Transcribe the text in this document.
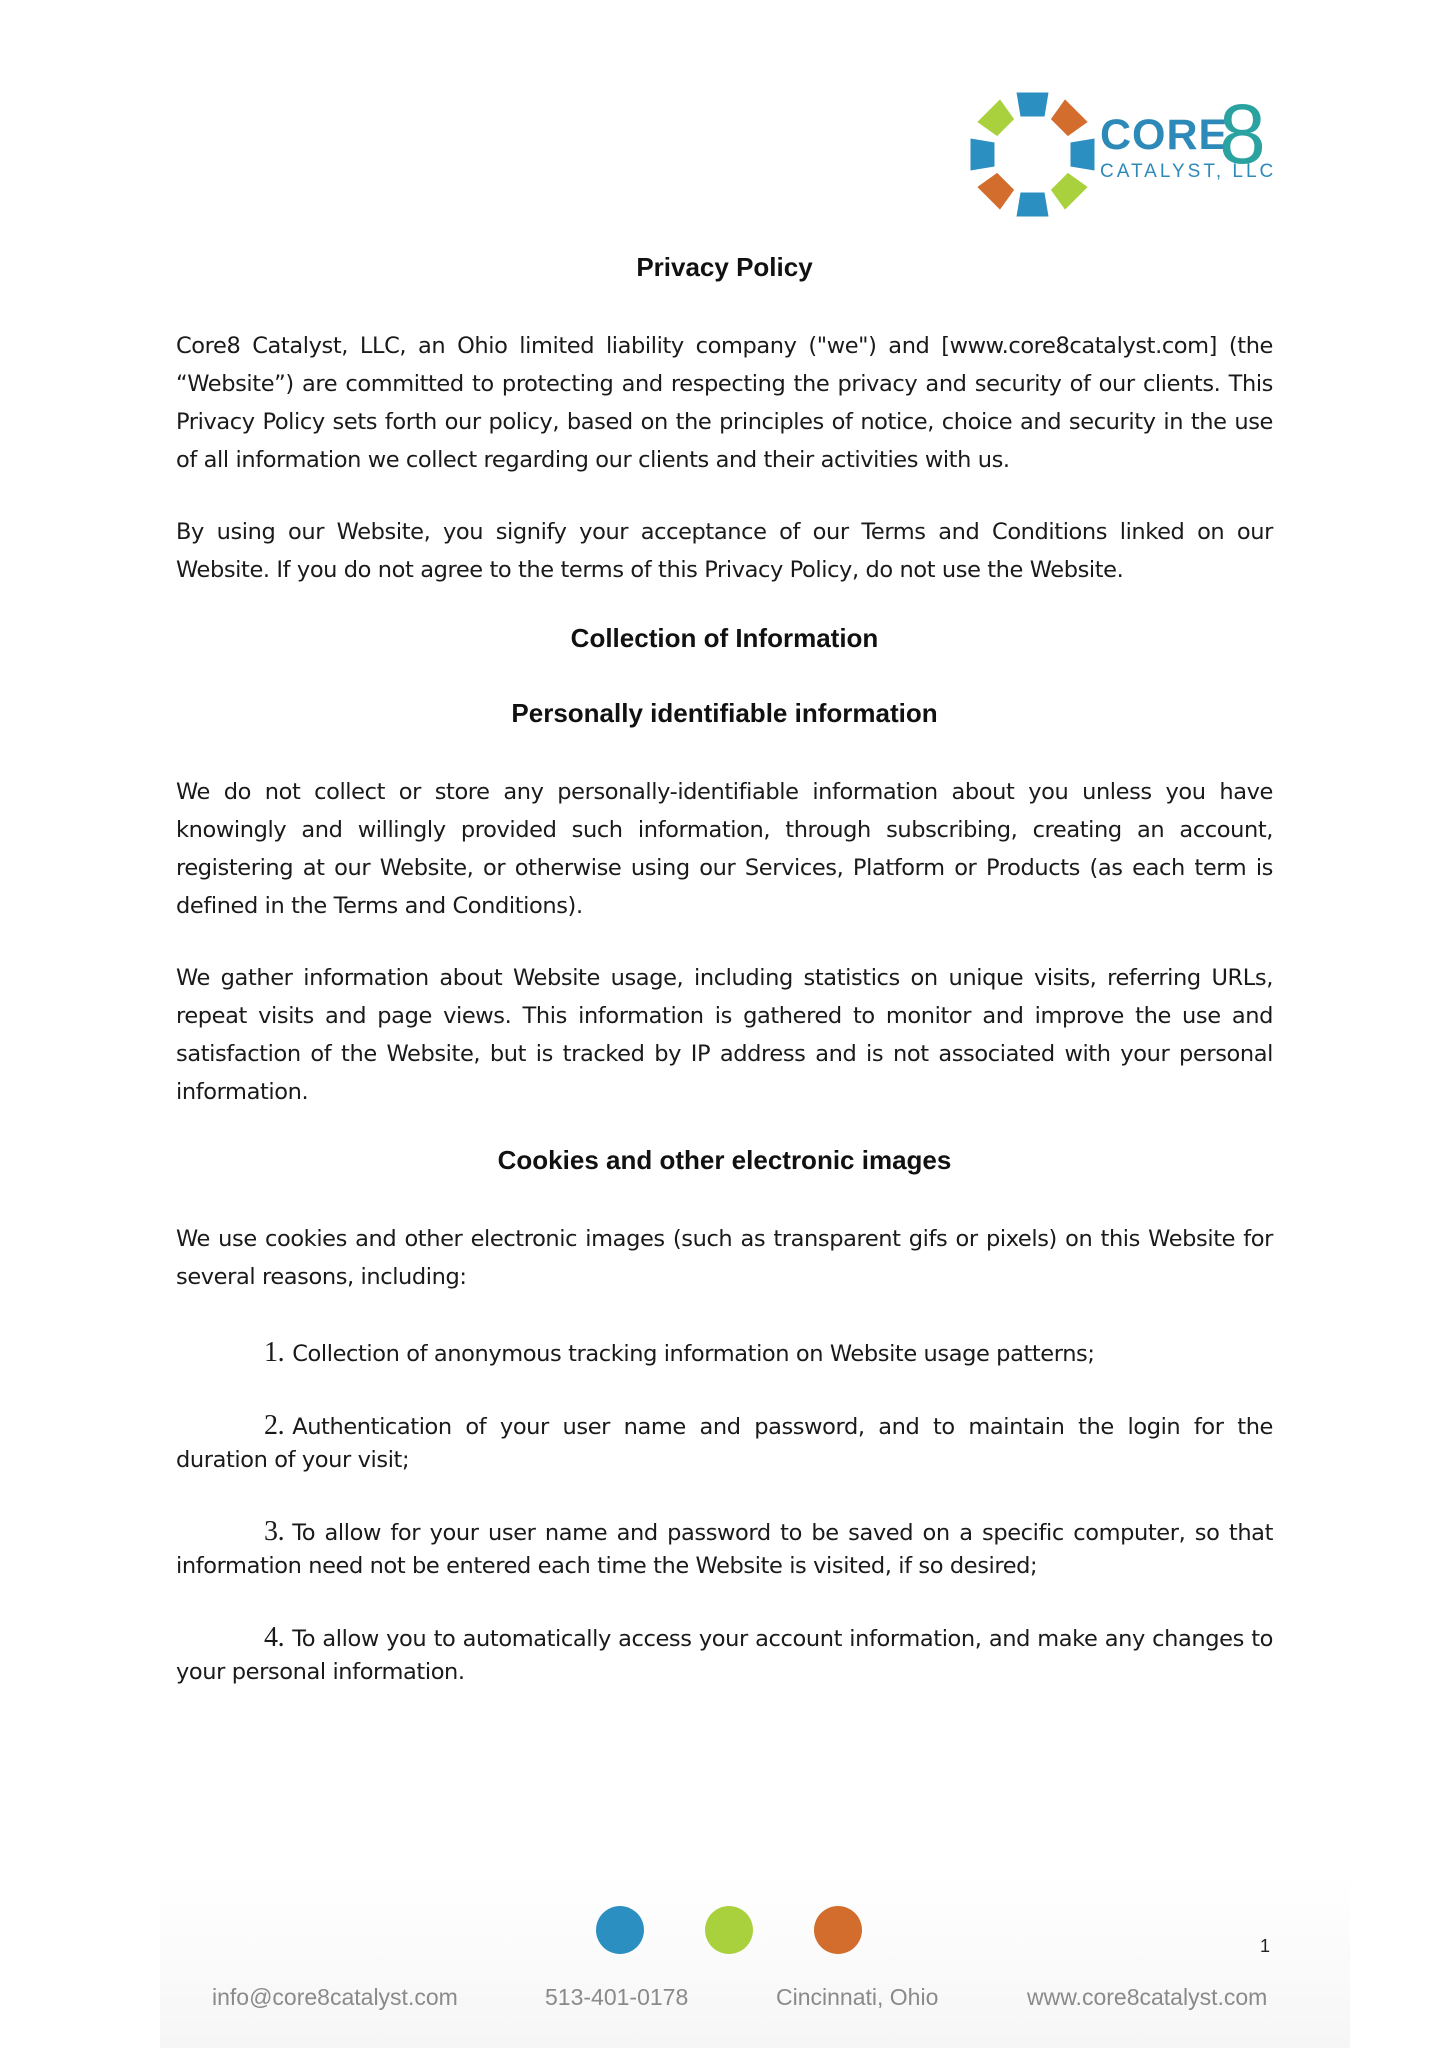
CORE
8
CATALYST, LLC
Privacy Policy

Core8 Catalyst, LLC, an Ohio limited liability company ("we") and [www.core8catalyst.com] (the “Website”) are committed to protecting and respecting the privacy and security of our clients. This Privacy Policy sets forth our policy, based on the principles of notice, choice and security in the use of all information we collect regarding our clients and their activities with us.

By using our Website, you signify your acceptance of our Terms and Conditions linked on our Website. If you do not agree to the terms of this Privacy Policy, do not use the Website.

Collection of Information
Personally identifiable information

We do not collect or store any personally-identifiable information about you unless you have knowingly and willingly provided such information, through subscribing, creating an account, registering at our Website, or otherwise using our Services, Platform or Products (as each term is defined in the Terms and Conditions).

We gather information about Website usage, including statistics on unique visits, referring URLs, repeat visits and page views. This information is gathered to monitor and improve the use and satisfaction of the Website, but is tracked by IP address and is not associated with your personal information.

Cookies and other electronic images

We use cookies and other electronic images (such as transparent gifs or pixels) on this Website for several reasons, including:

1. Collection of anonymous tracking information on Website usage patterns;
2. Authentication of your user name and password, and to maintain the login for the duration of your visit;
3. To allow for your user name and password to be saved on a specific computer, so that information need not be entered each time the Website is visited, if so desired;
4. To allow you to automatically access your account information, and make any changes to your personal information.
1
info@core8catalyst.com	513-401-0178	Cincinnati, Ohio	www.core8catalyst.com
